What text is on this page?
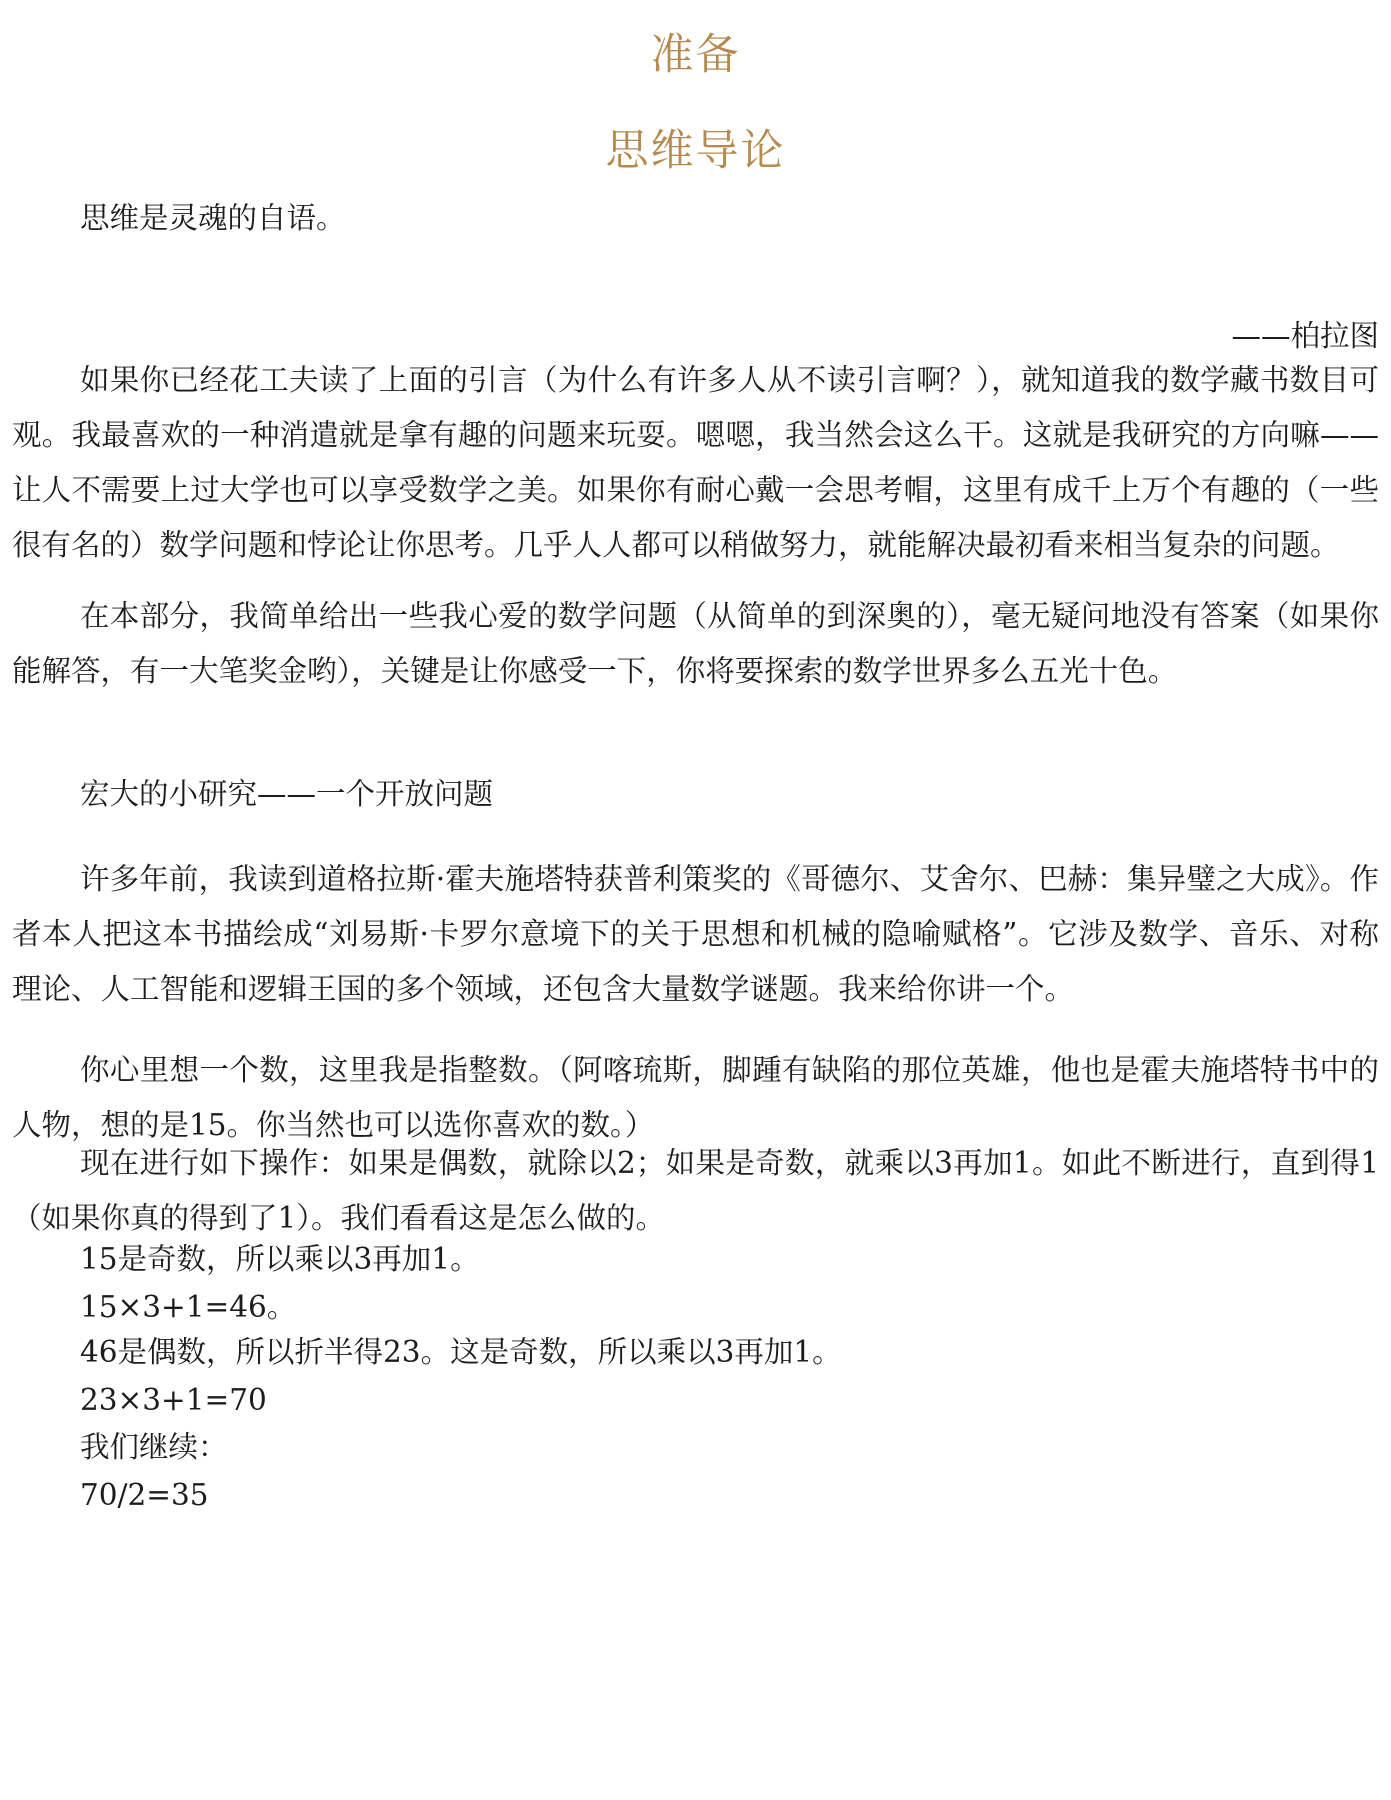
准备
思维导论

思维是灵魂的自语。

——柏拉图

如果你已经花工夫读了上面的引言（为什么有许多人从不读引言啊？），就知道我的数学藏书数目可观。我最喜欢的一种消遣就是拿有趣的问题来玩耍。嗯嗯，我当然会这么干。这就是我研究的方向嘛——让人不需要上过大学也可以享受数学之美。如果你有耐心戴一会思考帽，这里有成千上万个有趣的（一些很有名的）数学问题和悖论让你思考。几乎人人都可以稍做努力，就能解决最初看来相当复杂的问题。

在本部分，我简单给出一些我心爱的数学问题（从简单的到深奥的），毫无疑问地没有答案（如果你能解答，有一大笔奖金哟），关键是让你感受一下，你将要探索的数学世界多么五光十色。

宏大的小研究——一个开放问题

许多年前，我读到道格拉斯·霍夫施塔特获普利策奖的《哥德尔、艾舍尔、巴赫：集异璧之大成》。作者本人把这本书描绘成“刘易斯·卡罗尔意境下的关于思想和机械的隐喻赋格”。它涉及数学、音乐、对称理论、人工智能和逻辑王国的多个领域，还包含大量数学谜题。我来给你讲一个。

你心里想一个数，这里我是指整数。（阿喀琉斯，脚踵有缺陷的那位英雄，他也是霍夫施塔特书中的人物，想的是15。你当然也可以选你喜欢的数。）

现在进行如下操作：如果是偶数，就除以2；如果是奇数，就乘以3再加1。如此不断进行，直到得1（如果你真的得到了1）。我们看看这是怎么做的。

15是奇数，所以乘以3再加1。

15×3+1=46。

46是偶数，所以折半得23。这是奇数，所以乘以3再加1。

23×3+1=70

我们继续：

70/2=35
